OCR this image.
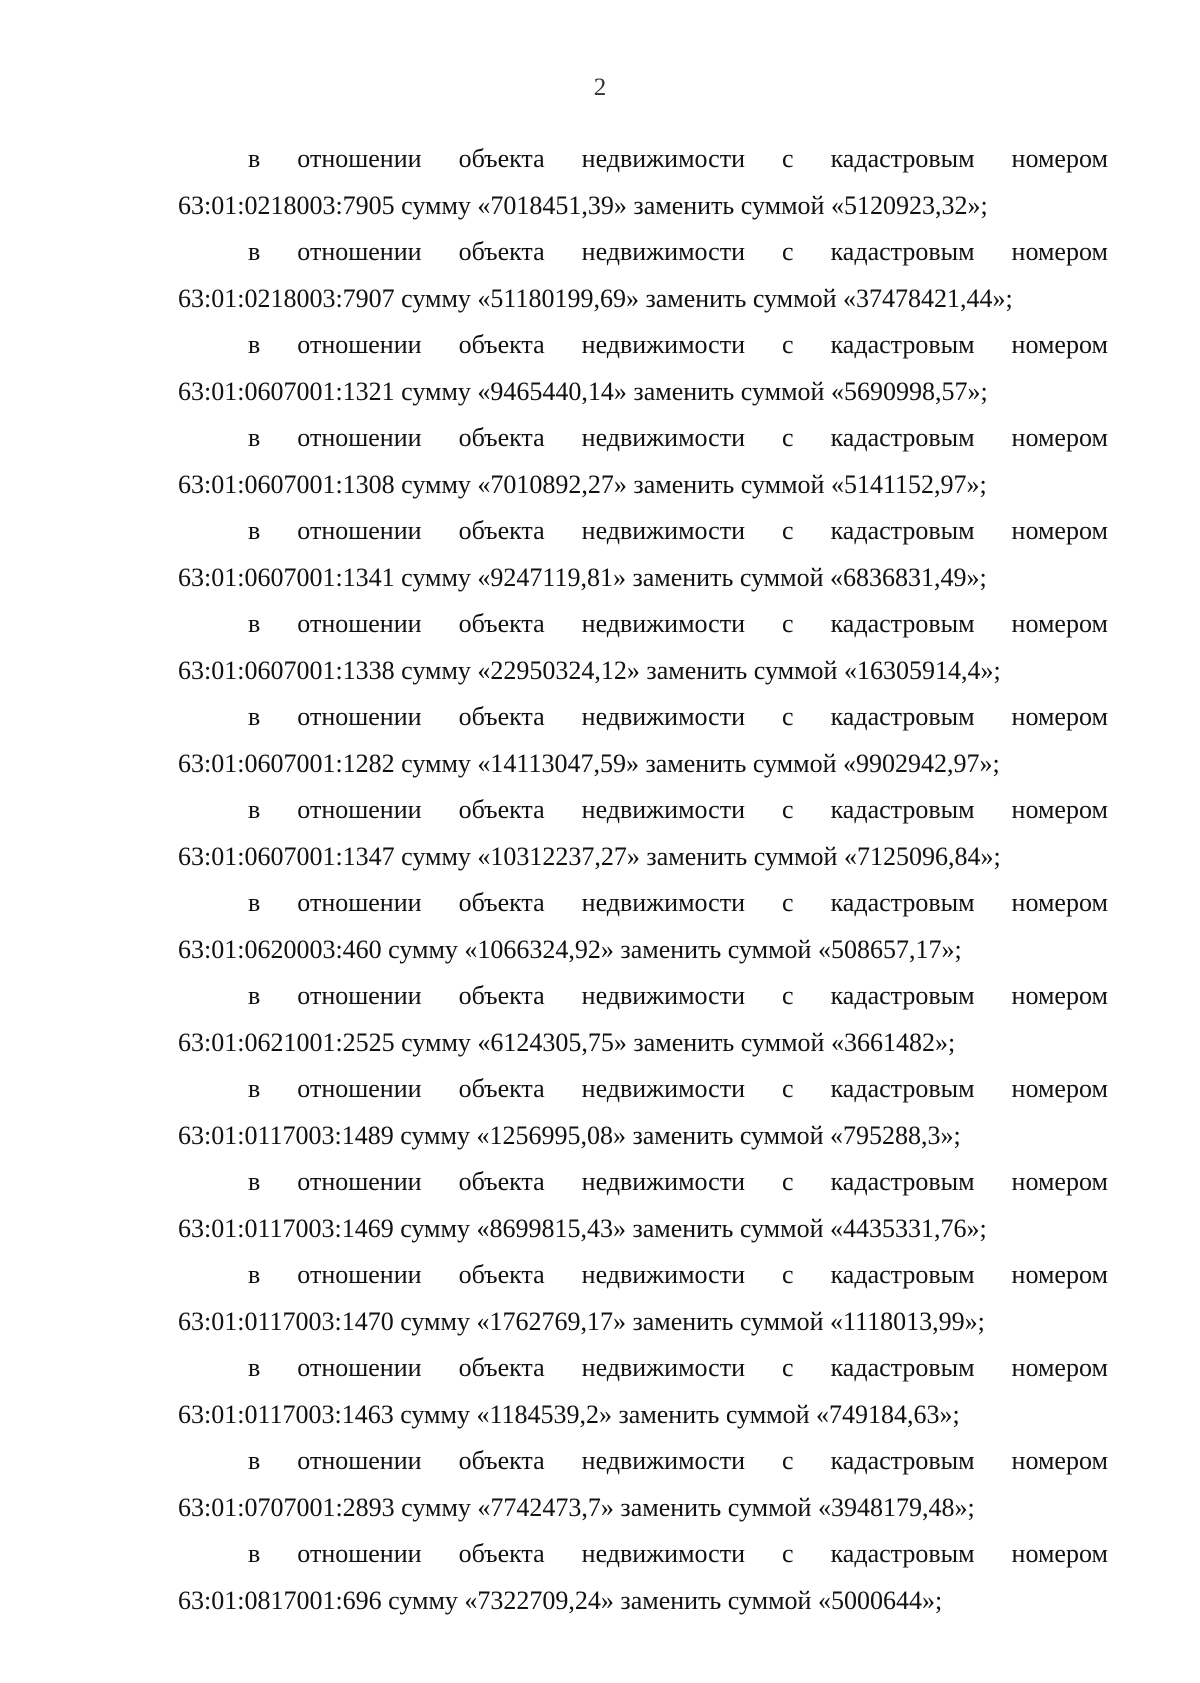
2
в отношении объекта недвижимости с кадастровым номером
63:01:0218003:7905 сумму «7018451,39» заменить суммой «5120923,32»;
в отношении объекта недвижимости с кадастровым номером
63:01:0218003:7907 сумму «51180199,69» заменить суммой «37478421,44»;
в отношении объекта недвижимости с кадастровым номером
63:01:0607001:1321 сумму «9465440,14» заменить суммой «5690998,57»;
в отношении объекта недвижимости с кадастровым номером
63:01:0607001:1308 сумму «7010892,27» заменить суммой «5141152,97»;
в отношении объекта недвижимости с кадастровым номером
63:01:0607001:1341 сумму «9247119,81» заменить суммой «6836831,49»;
в отношении объекта недвижимости с кадастровым номером
63:01:0607001:1338 сумму «22950324,12» заменить суммой «16305914,4»;
в отношении объекта недвижимости с кадастровым номером
63:01:0607001:1282 сумму «14113047,59» заменить суммой «9902942,97»;
в отношении объекта недвижимости с кадастровым номером
63:01:0607001:1347 сумму «10312237,27» заменить суммой «7125096,84»;
в отношении объекта недвижимости с кадастровым номером
63:01:0620003:460 сумму «1066324,92» заменить суммой «508657,17»;
в отношении объекта недвижимости с кадастровым номером
63:01:0621001:2525 сумму «6124305,75» заменить суммой «3661482»;
в отношении объекта недвижимости с кадастровым номером
63:01:0117003:1489 сумму «1256995,08» заменить суммой «795288,3»;
в отношении объекта недвижимости с кадастровым номером
63:01:0117003:1469 сумму «8699815,43» заменить суммой «4435331,76»;
в отношении объекта недвижимости с кадастровым номером
63:01:0117003:1470 сумму «1762769,17» заменить суммой «1118013,99»;
в отношении объекта недвижимости с кадастровым номером
63:01:0117003:1463 сумму «1184539,2» заменить суммой «749184,63»;
в отношении объекта недвижимости с кадастровым номером
63:01:0707001:2893 сумму «7742473,7» заменить суммой «3948179,48»;
в отношении объекта недвижимости с кадастровым номером
63:01:0817001:696 сумму «7322709,24» заменить суммой «5000644»;
